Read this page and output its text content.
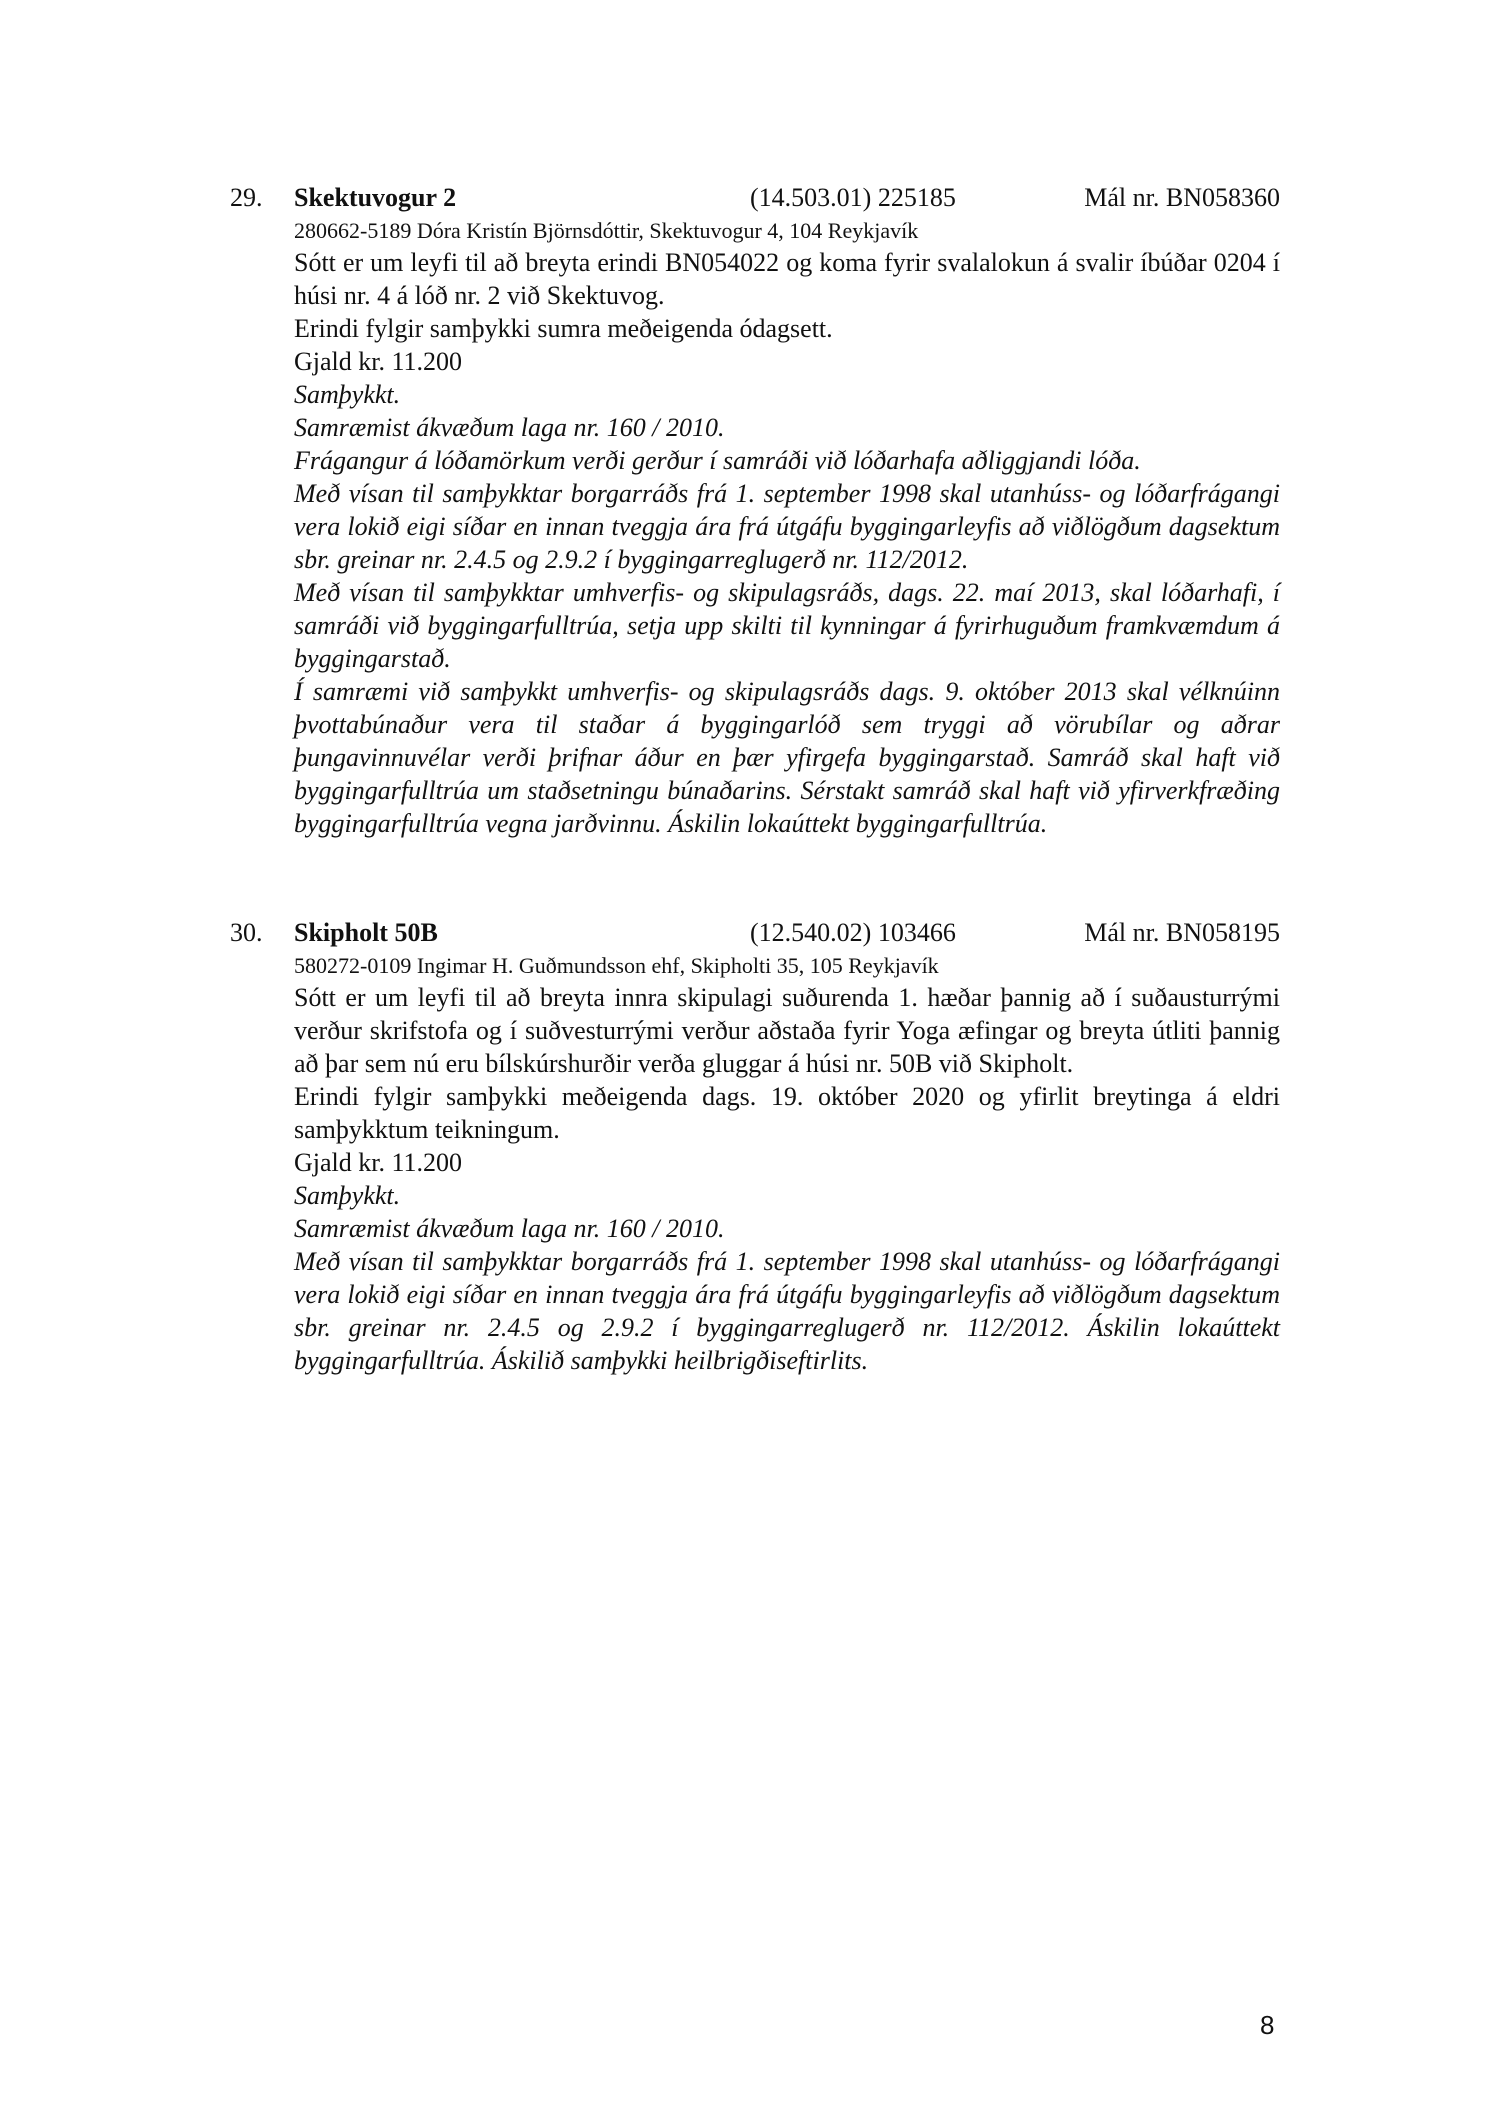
29. Skektuvogur 2	(14.503.01) 225185	Mál nr. BN058360
280662-5189 Dóra Kristín Björnsdóttir, Skektuvogur 4, 104 Reykjavík

Sótt er um leyfi til að breyta erindi BN054022 og koma fyrir svalalokun á svalir íbúðar 0204 í húsi nr. 4 á lóð nr. 2 við Skektuvog.

Erindi fylgir samþykki sumra meðeigenda ódagsett.

Gjald kr. 11.200

Samþykkt.

Samræmist ákvæðum laga nr. 160 / 2010.

Frágangur á lóðamörkum verði gerður í samráði við lóðarhafa aðliggjandi lóða.

Með vísan til samþykktar borgarráðs frá 1. september 1998 skal utanhúss- og lóðarfrágangi vera lokið eigi síðar en innan tveggja ára frá útgáfu byggingarleyfis að viðlögðum dagsektum sbr. greinar nr. 2.4.5 og 2.9.2 í byggingarreglugerð nr. 112/2012.

Með vísan til samþykktar umhverfis- og skipulagsráðs, dags. 22. maí 2013, skal lóðarhafi, í samráði við byggingarfulltrúa, setja upp skilti til kynningar á fyrirhuguðum framkvæmdum á byggingarstað.

Í samræmi við samþykkt umhverfis- og skipulagsráðs dags. 9. október 2013 skal vélknúinn þvottabúnaður vera til staðar á byggingarlóð sem tryggi að vörubílar og aðrar þungavinnuvélar verði þrifnar áður en þær yfirgefa byggingarstað. Samráð skal haft við byggingarfulltrúa um staðsetningu búnaðarins. Sérstakt samráð skal haft við yfirverkfræðing byggingarfulltrúa vegna jarðvinnu. Áskilin lokaúttekt byggingarfulltrúa.

30. Skipholt 50B	(12.540.02) 103466	Mál nr. BN058195
580272-0109 Ingimar H. Guðmundsson ehf, Skipholti 35, 105 Reykjavík

Sótt er um leyfi til að breyta innra skipulagi suðurenda 1. hæðar þannig að í suðausturrými verður skrifstofa og í suðvesturrými verður aðstaða fyrir Yoga æfingar og breyta útliti þannig að þar sem nú eru bílskúrshurðir verða gluggar á húsi nr. 50B við Skipholt.

Erindi fylgir samþykki meðeigenda dags. 19. október 2020 og yfirlit breytinga á eldri samþykktum teikningum.

Gjald kr. 11.200

Samþykkt.

Samræmist ákvæðum laga nr. 160 / 2010.

Með vísan til samþykktar borgarráðs frá 1. september 1998 skal utanhúss- og lóðarfrágangi vera lokið eigi síðar en innan tveggja ára frá útgáfu byggingarleyfis að viðlögðum dagsektum sbr. greinar nr. 2.4.5 og 2.9.2 í byggingarreglugerð nr. 112/2012. Áskilin lokaúttekt byggingarfulltrúa. Áskilið samþykki heilbrigðiseftirlits.

8
